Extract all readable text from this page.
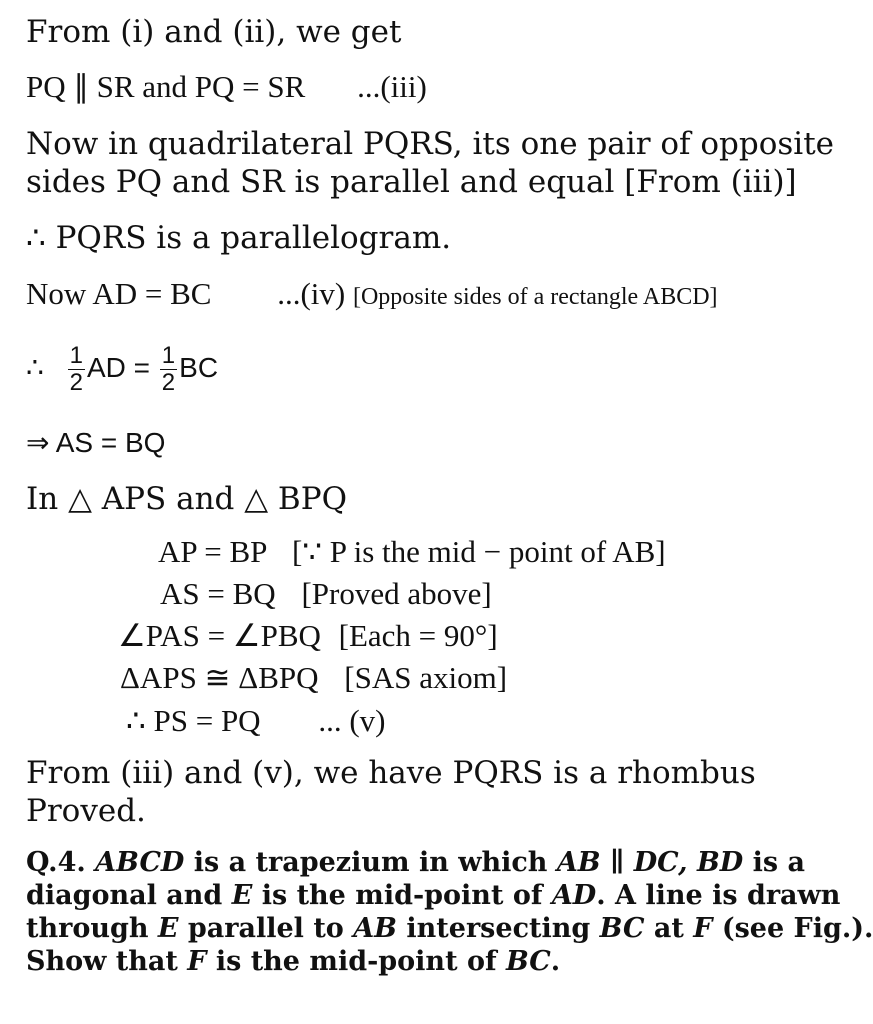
From (i) and (ii), we get
PQ ∥ SR and PQ = SR ...(iii)
Now in quadrilateral PQRS, its one pair of opposite
sides PQ and SR is parallel and equal [From (iii)]
∴ PQRS is a parallelogram.
Now AD = BC ...(iv) [Opposite sides of a rectangle ABCD]
∴ $\frac{1}{2}$ AD = $\frac{1}{2}$ BC
⇒ AS = BQ
In △ APS and △ BPQ
AP = BP [∵ P is the mid − point of AB]
AS = BQ [Proved above]
∠PAS = ∠PBQ [Each = 90°]
ΔAPS ≅ ΔBPQ [SAS axiom]
∴ PS = PQ ... (v)
From (iii) and (v), we have PQRS is a rhombus
Proved.
Q.4. ABCD is a trapezium in which AB ∥ DC, BD is a
diagonal and E is the mid-point of AD. A line is drawn
through E parallel to AB intersecting BC at F (see Fig.).
Show that F is the mid-point of BC.
